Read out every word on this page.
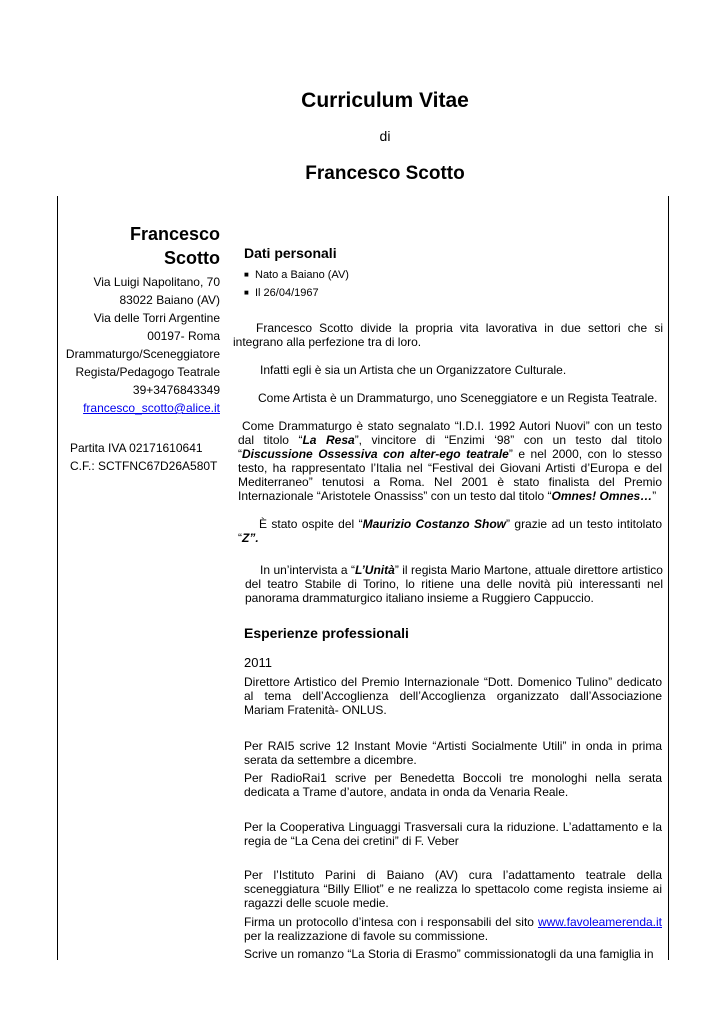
Curriculum Vitae
di
Francesco Scotto
Francesco
Scotto
Via Luigi Napolitano, 70
83022 Baiano (AV)
Via delle Torri Argentine
00197- Roma
Drammaturgo/Sceneggiatore
Regista/Pedagogo Teatrale
39+3476843349
francesco_scotto@alice.it
Partita IVA 02171610641
C.F.: SCTFNC67D26A580T
Dati personali
■ Nato a Baiano (AV)
■ Il 26/04/1967
Francesco Scotto divide la propria vita lavorativa in due settori che si integrano alla perfezione tra di loro.
Infatti egli è sia un Artista che un Organizzatore Culturale.
Come Artista è un Drammaturgo, uno Sceneggiatore e un Regista Teatrale.
Come Drammaturgo è stato segnalato “I.D.I. 1992 Autori Nuovi” con un testo dal titolo “La Resa”, vincitore di “Enzimi ‘98” con un testo dal titolo “Discussione Ossessiva con alter-ego teatrale” e nel 2000, con lo stesso testo, ha rappresentato l’Italia nel “Festival dei Giovani Artisti d’Europa e del Mediterraneo” tenutosi a Roma. Nel 2001 è stato finalista del Premio Internazionale “Aristotele Onassiss” con un testo dal titolo “Omnes! Omnes…”
È stato ospite del “Maurizio Costanzo Show” grazie ad un testo intitolato “Z”.
In un’intervista a “L’Unità” il regista Mario Martone, attuale direttore artistico del teatro Stabile di Torino, lo ritiene una delle novità più interessanti nel panorama drammaturgico italiano insieme a Ruggiero Cappuccio.
Esperienze professionali
2011
Direttore Artistico del Premio Internazionale “Dott. Domenico Tulino” dedicato al tema dell’Accoglienza dell’Accoglienza organizzato dall’Associazione Mariam Fratenità- ONLUS.
Per RAI5 scrive 12 Instant Movie “Artisti Socialmente Utili” in onda in prima serata da settembre a dicembre.
Per RadioRai1 scrive per Benedetta Boccoli tre monologhi nella serata dedicata a Trame d’autore, andata in onda da Venaria Reale.
Per la Cooperativa Linguaggi Trasversali cura la riduzione. L’adattamento e la regia de “La Cena dei cretini” di F. Veber
Per l’Istituto Parini di Baiano (AV) cura l’adattamento teatrale della sceneggiatura “Billy Elliot” e ne realizza lo spettacolo come regista insieme ai ragazzi delle scuole medie.
Firma un protocollo d’intesa con i responsabili del sito www.favoleamerenda.it per la realizzazione di favole su commissione.
Scrive un romanzo “La Storia di Erasmo” commissionatogli da una famiglia in
